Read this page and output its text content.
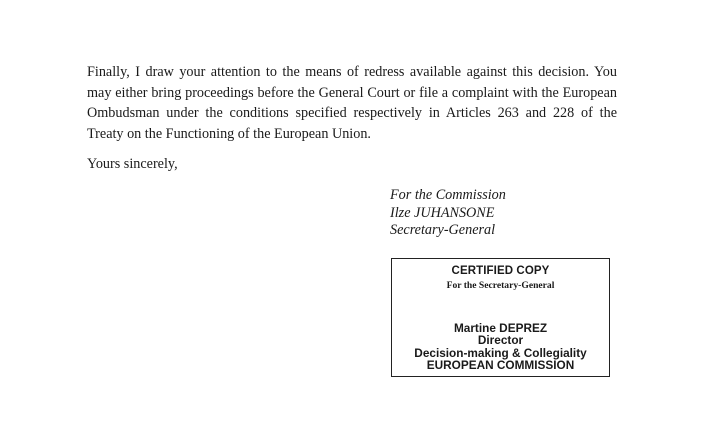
Finally, I draw your attention to the means of redress available against this decision. You may either bring proceedings before the General Court or file a complaint with the European Ombudsman under the conditions specified respectively in Articles 263 and 228 of the Treaty on the Functioning of the European Union.
Yours sincerely,
For the Commission
Ilze JUHANSONE
Secretary-General
CERTIFIED COPY
For the Secretary-General
Martine DEPREZ
Director
Decision-making & Collegiality
EUROPEAN COMMISSION
